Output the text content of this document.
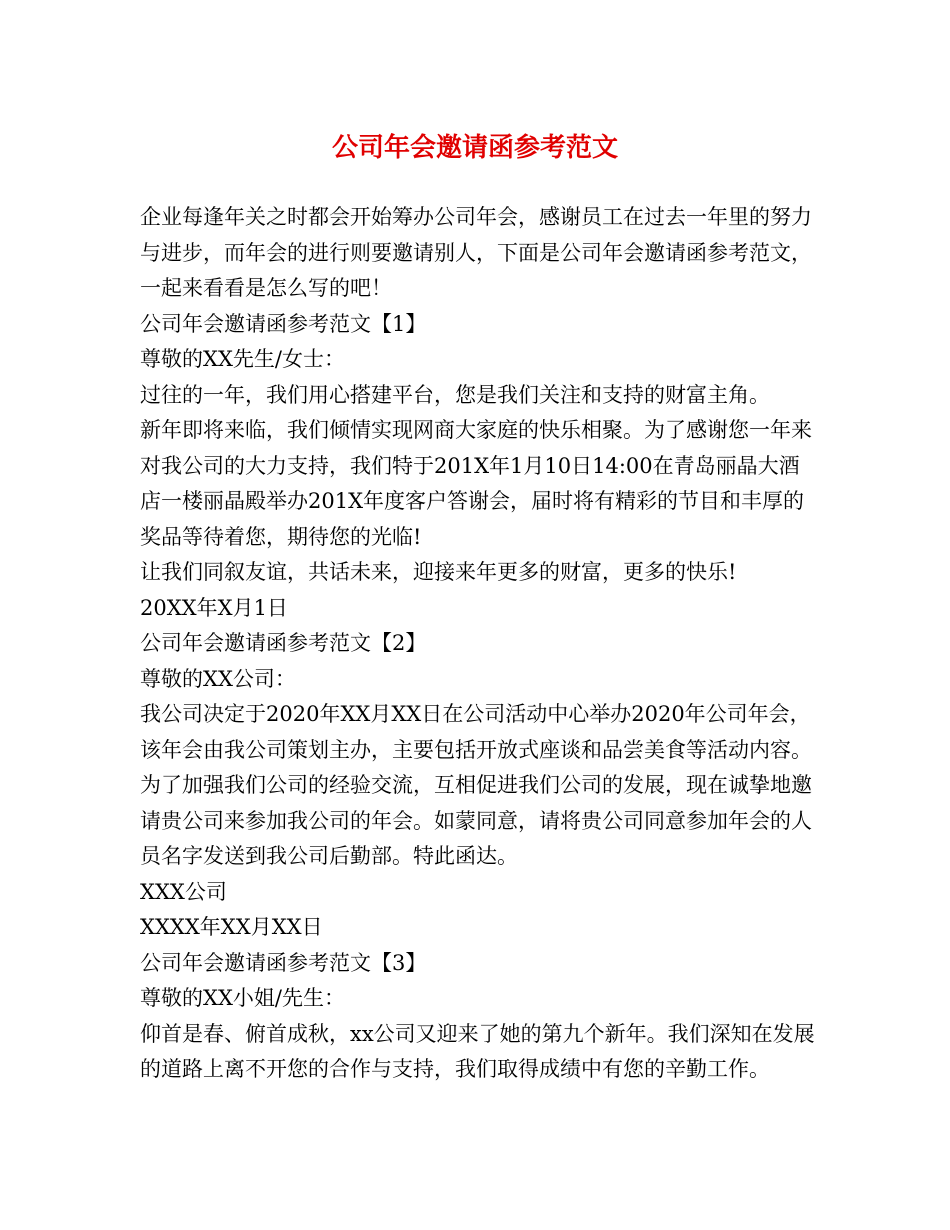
公司年会邀请函参考范文

企业每逢年关之时都会开始筹办公司年会，感谢员工在过去一年里的努力与进步，而年会的进行则要邀请别人，下面是公司年会邀请函参考范文，一起来看看是怎么写的吧！

公司年会邀请函参考范文【1】

尊敬的XX先生/女士：

过往的一年，我们用心搭建平台，您是我们关注和支持的财富主角。

新年即将来临，我们倾情实现网商大家庭的快乐相聚。为了感谢您一年来对我公司的大力支持，我们特于201X年1月10日14:00在青岛丽晶大酒店一楼丽晶殿举办201X年度客户答谢会，届时将有精彩的节目和丰厚的奖品等待着您，期待您的光临!

让我们同叙友谊，共话未来，迎接来年更多的财富，更多的快乐!

20XX年X月1日

公司年会邀请函参考范文【2】

尊敬的XX公司：

我公司决定于2020年XX月XX日在公司活动中心举办2020年公司年会，该年会由我公司策划主办，主要包括开放式座谈和品尝美食等活动内容。为了加强我们公司的经验交流，互相促进我们公司的发展，现在诚挚地邀请贵公司来参加我公司的年会。如蒙同意，请将贵公司同意参加年会的人员名字发送到我公司后勤部。特此函达。

XXX公司

XXXX年XX月XX日

公司年会邀请函参考范文【3】

尊敬的XX小姐/先生：

仰首是春、俯首成秋，xx公司又迎来了她的第九个新年。我们深知在发展的道路上离不开您的合作与支持，我们取得成绩中有您的辛勤工作。
